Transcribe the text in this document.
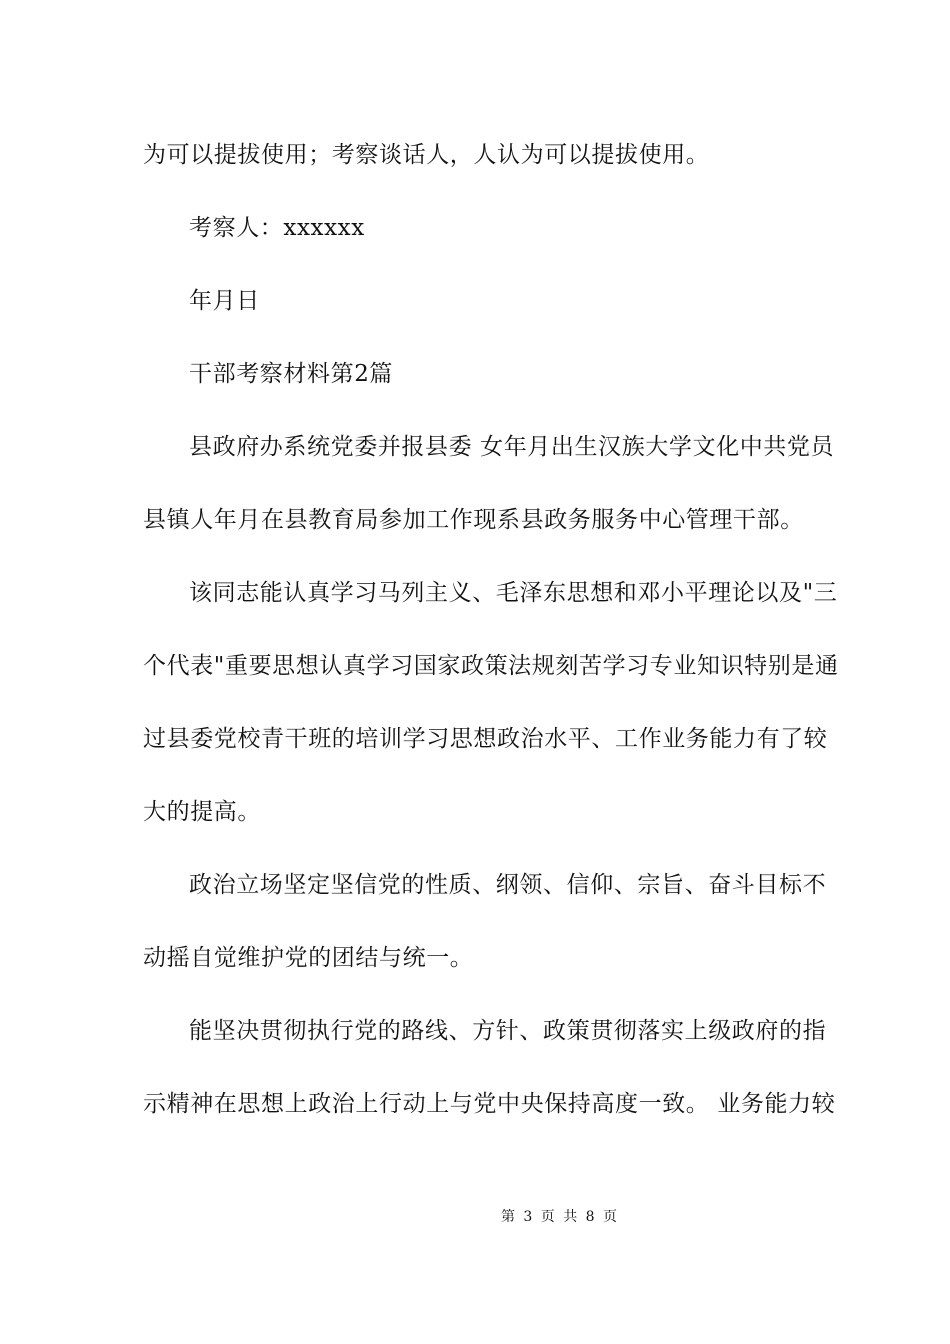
为可以提拔使用；考察谈话人，人认为可以提拔使用。
考察人：xxxxxx
年月日
干部考察材料第2篇
县政府办系统党委并报县委 女年月出生汉族大学文化中共党员
县镇人年月在县教育局参加工作现系县政务服务中心管理干部。
该同志能认真学习马列主义、毛泽东思想和邓小平理论以及"三
个代表"重要思想认真学习国家政策法规刻苦学习专业知识特别是通
过县委党校青干班的培训学习思想政治水平、工作业务能力有了较
大的提高。
政治立场坚定坚信党的性质、纲领、信仰、宗旨、奋斗目标不
动摇自觉维护党的团结与统一。
能坚决贯彻执行党的路线、方针、政策贯彻落实上级政府的指
示精神在思想上政治上行动上与党中央保持高度一致。 业务能力较
第 3 页 共 8 页
